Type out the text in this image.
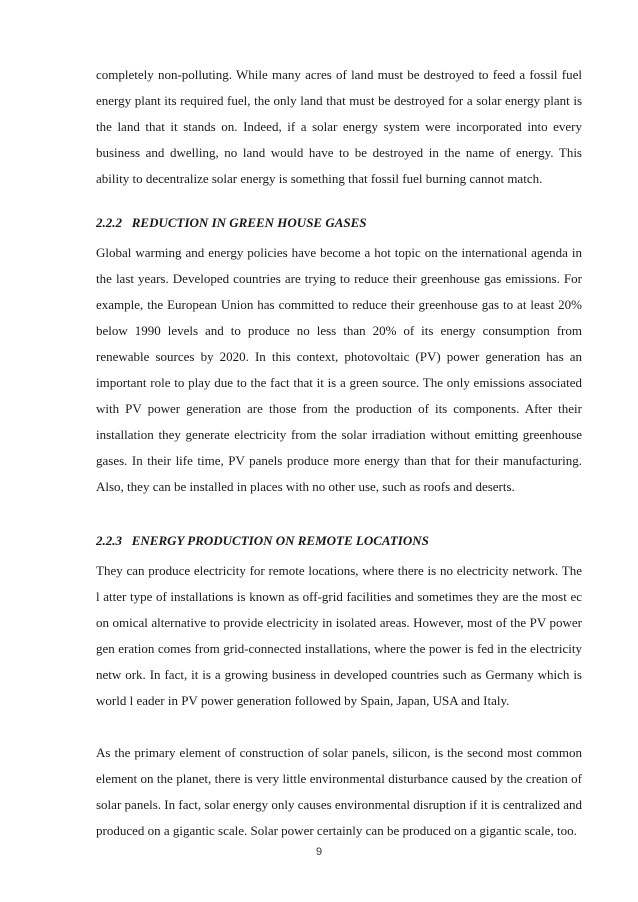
completely non-polluting. While many acres of land must be destroyed to feed a fossil fuel energy plant its required fuel, the only land that must be destroyed for a solar energy plant is the land that it stands on. Indeed, if a solar energy system were incorporated into every business and dwelling, no land would have to be destroyed in the name of energy. This ability to decentralize solar energy is something that fossil fuel burning cannot match.

2.2.2   REDUCTION IN GREEN HOUSE GASES

Global warming and energy policies have become a hot topic on the international agenda in the last years. Developed countries are trying to reduce their greenhouse gas emissions. For example, the European Union has committed to reduce their greenhouse gas to at least 20% below 1990 levels and to produce no less than 20% of its energy consumption from renewable sources by 2020. In this context, photovoltaic (PV) power generation has an important role to play due to the fact that it is a green source. The only emissions associated with PV power generation are those from the production of its components. After their installation they generate electricity from the solar irradiation without emitting greenhouse gases. In their life time, PV panels produce more energy than that for their manufacturing. Also, they can be installed in places with no other use, such as roofs and deserts.

2.2.3   ENERGY PRODUCTION ON REMOTE LOCATIONS

They can produce electricity for remote locations, where there is no electricity network. The l atter type of installations is known as off-grid facilities and sometimes they are the most econ omical alternative to provide electricity in isolated areas. However, most of the PV power gen eration comes from grid-connected installations, where the power is fed in the electricity netw ork. In fact, it is a growing business in developed countries such as Germany which is world l eader in PV power generation followed by Spain, Japan, USA and Italy.

As the primary element of construction of solar panels, silicon, is the second most common element on the planet, there is very little environmental disturbance caused by the creation of solar panels. In fact, solar energy only causes environmental disruption if it is centralized and produced on a gigantic scale. Solar power certainly can be produced on a gigantic scale, too.

9
